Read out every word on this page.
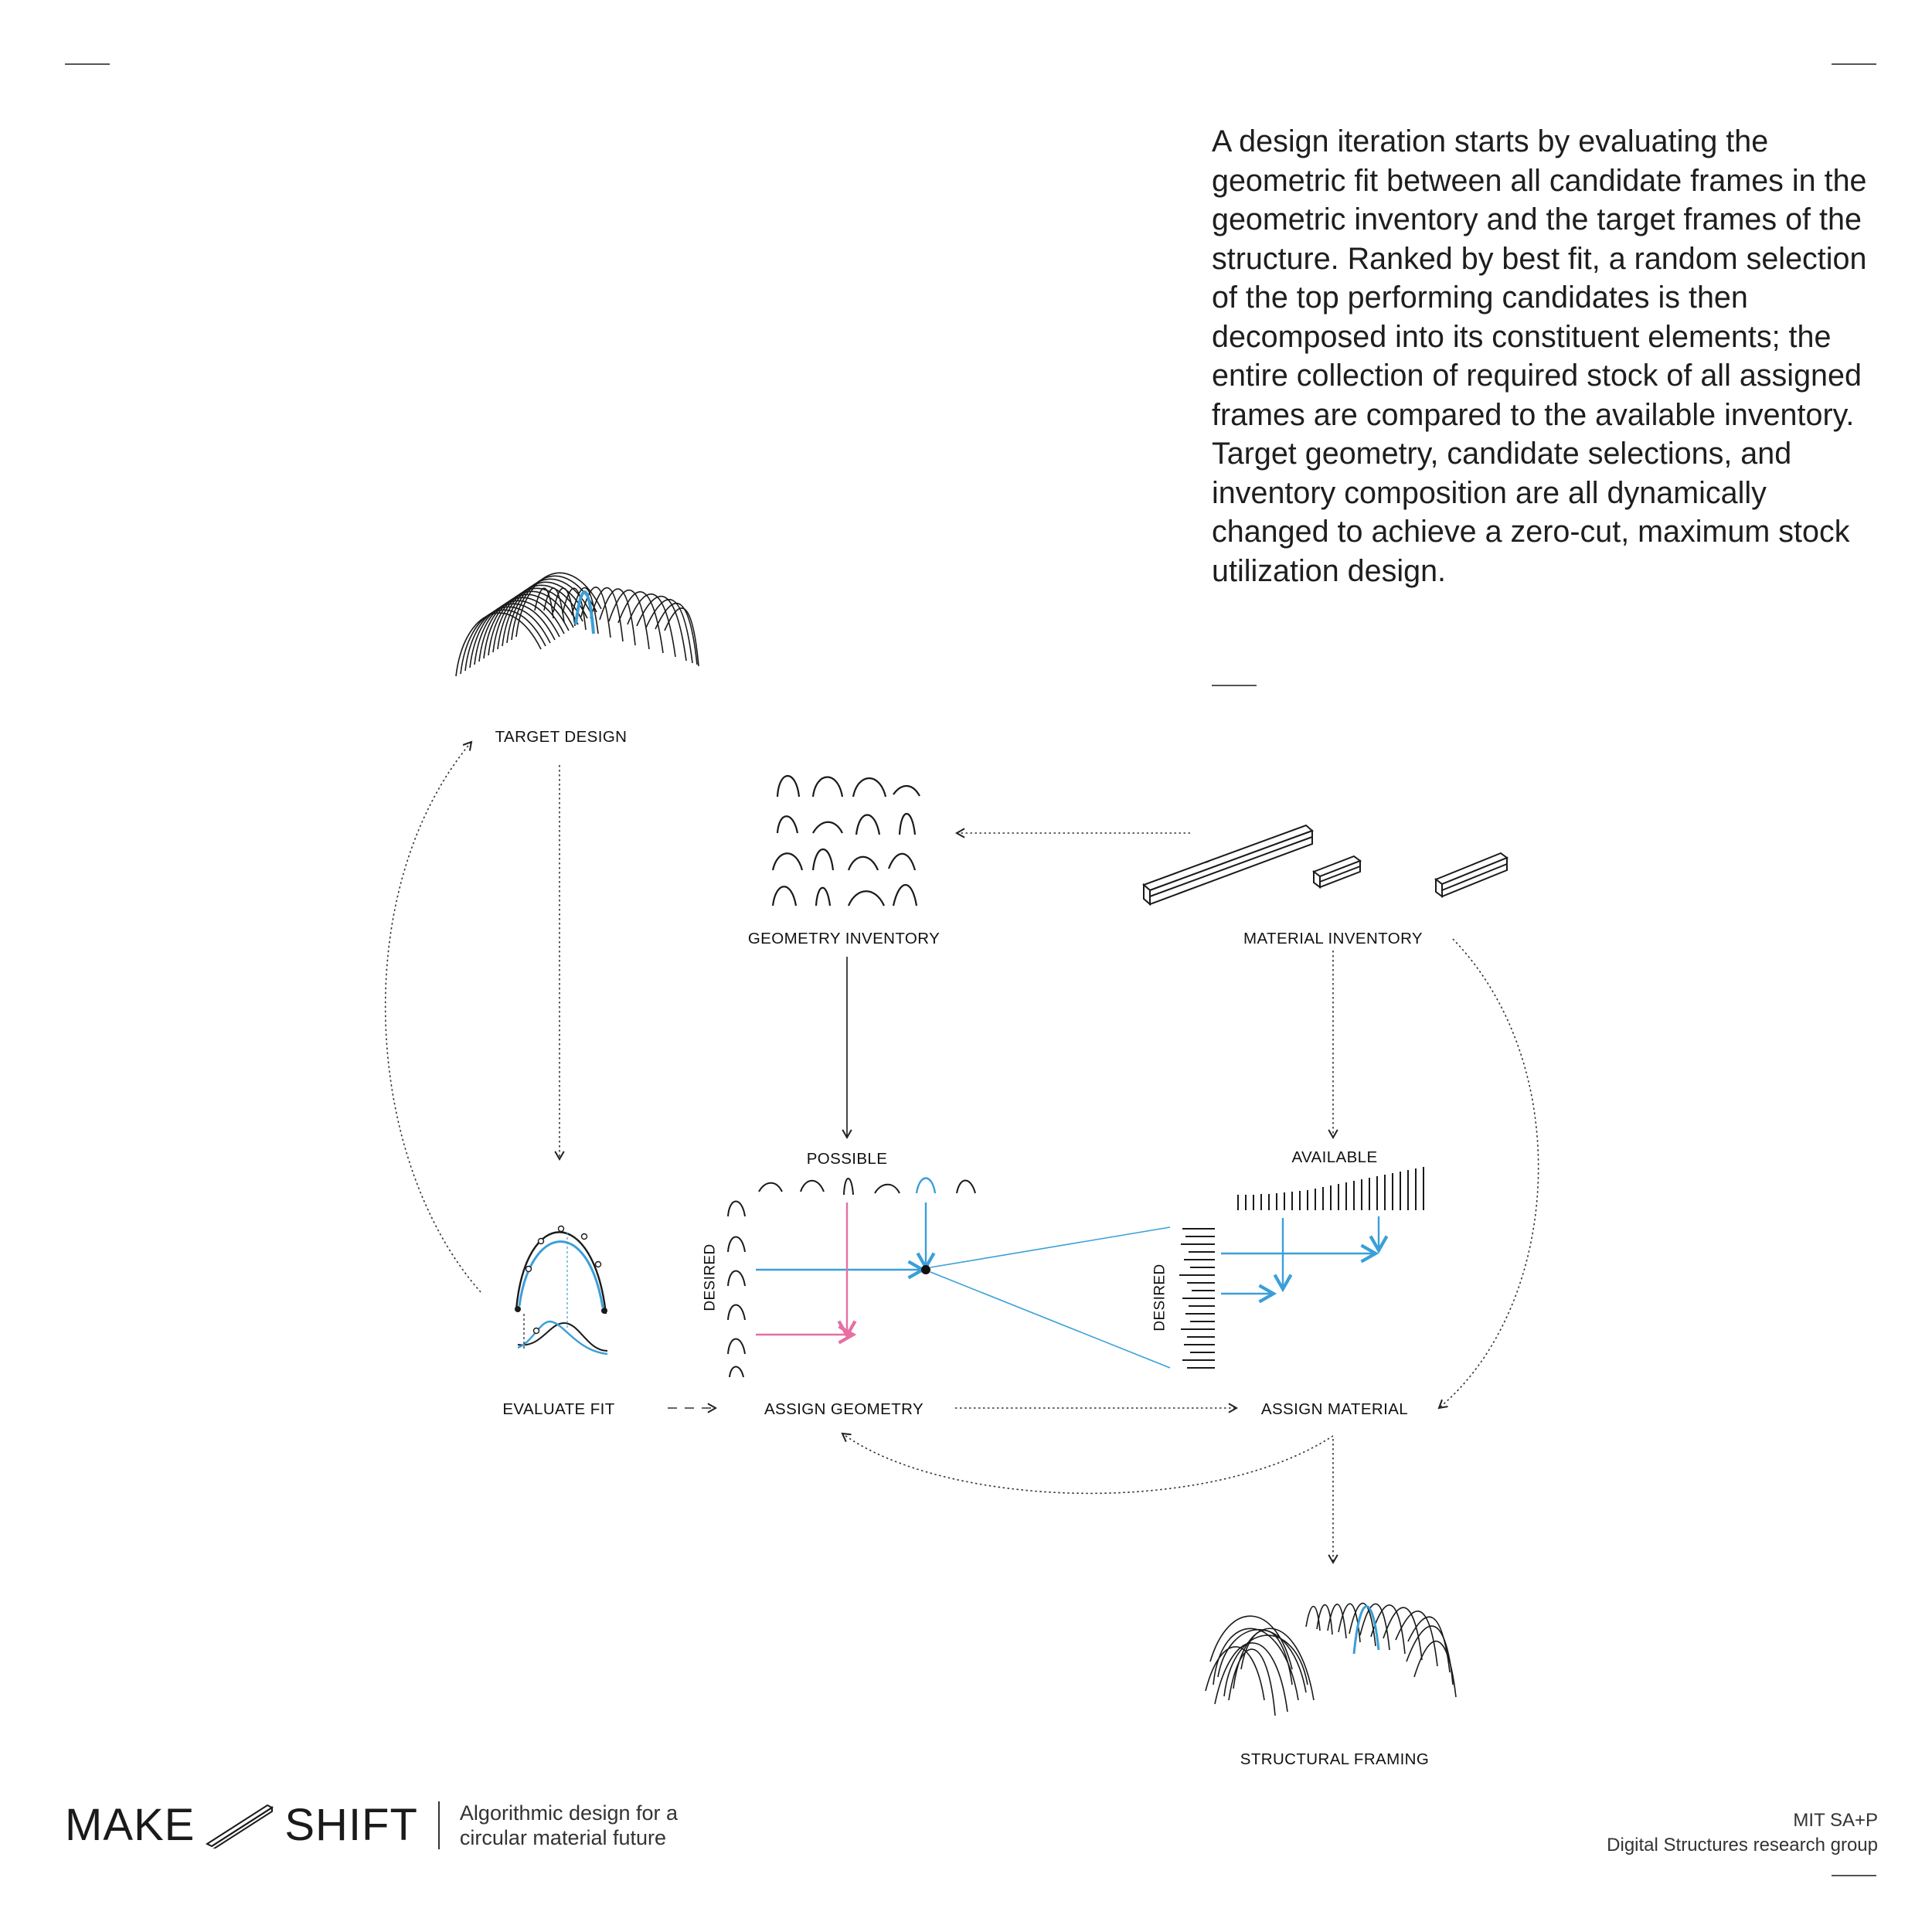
A design iteration starts by evaluating the geometric fit between all candidate frames in the geometric inventory and the target frames of the structure. Ranked by best fit, a random selection of the top performing candidates is then decomposed into its constituent elements; the entire collection of required stock of all assigned frames are compared to the available inventory. Target geometry, candidate selections, and inventory composition are all dynamically changed to achieve a zero-cut, maximum stock utilization design.

TARGET DESIGN
GEOMETRY INVENTORY	MATERIAL INVENTORY
POSSIBLE	AVAILABLE
EVALUATE FIT	ASSIGN GEOMETRY	ASSIGN MATERIAL
STRUCTURAL FRAMING
DESIRED	DESIRED
MAKE SHIFT Algorithmic design for a
circular material future
MIT SA+P
Digital Structures research group
